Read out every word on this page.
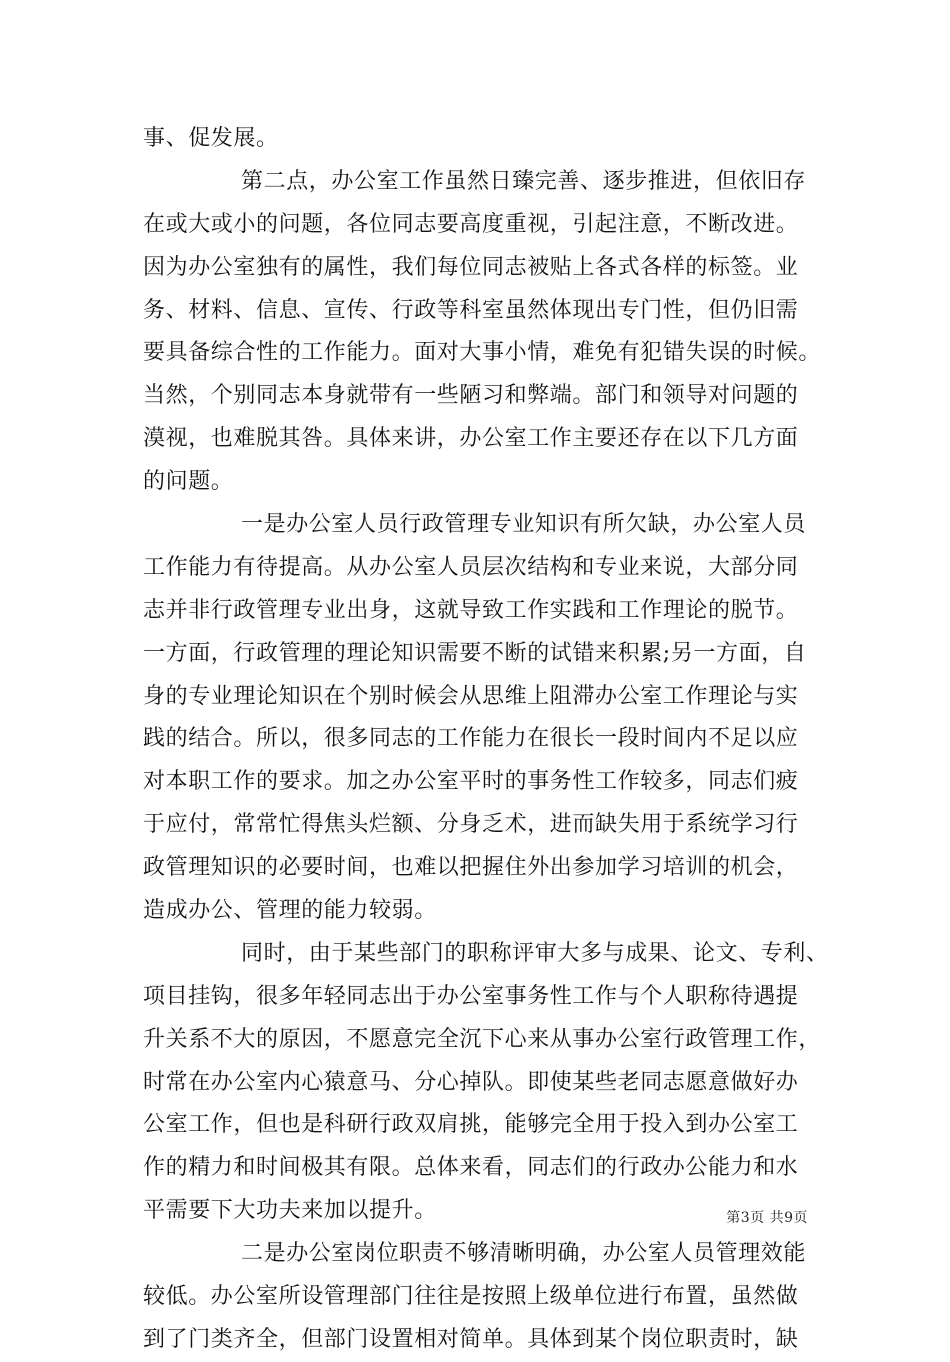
事、促发展。
第二点，办公室工作虽然日臻完善、逐步推进，但依旧存
在或大或小的问题，各位同志要高度重视，引起注意，不断改进。
因为办公室独有的属性，我们每位同志被贴上各式各样的标签。业
务、材料、信息、宣传、行政等科室虽然体现出专门性，但仍旧需
要具备综合性的工作能力。面对大事小情，难免有犯错失误的时候。
当然，个别同志本身就带有一些陋习和弊端。部门和领导对问题的
漠视，也难脱其咎。具体来讲，办公室工作主要还存在以下几方面
的问题。
一是办公室人员行政管理专业知识有所欠缺，办公室人员
工作能力有待提高。从办公室人员层次结构和专业来说，大部分同
志并非行政管理专业出身，这就导致工作实践和工作理论的脱节。
一方面，行政管理的理论知识需要不断的试错来积累;另一方面，自
身的专业理论知识在个别时候会从思维上阻滞办公室工作理论与实
践的结合。所以，很多同志的工作能力在很长一段时间内不足以应
对本职工作的要求。加之办公室平时的事务性工作较多，同志们疲
于应付，常常忙得焦头烂额、分身乏术，进而缺失用于系统学习行
政管理知识的必要时间，也难以把握住外出参加学习培训的机会，
造成办公、管理的能力较弱。
同时，由于某些部门的职称评审大多与成果、论文、专利、
项目挂钩，很多年轻同志出于办公室事务性工作与个人职称待遇提
升关系不大的原因，不愿意完全沉下心来从事办公室行政管理工作，
时常在办公室内心猿意马、分心掉队。即使某些老同志愿意做好办
公室工作，但也是科研行政双肩挑，能够完全用于投入到办公室工
作的精力和时间极其有限。总体来看，同志们的行政办公能力和水
平需要下大功夫来加以提升。
二是办公室岗位职责不够清晰明确，办公室人员管理效能
较低。办公室所设管理部门往往是按照上级单位进行布置，虽然做
到了门类齐全，但部门设置相对简单。具体到某个岗位职责时，缺
第3页 共9页
